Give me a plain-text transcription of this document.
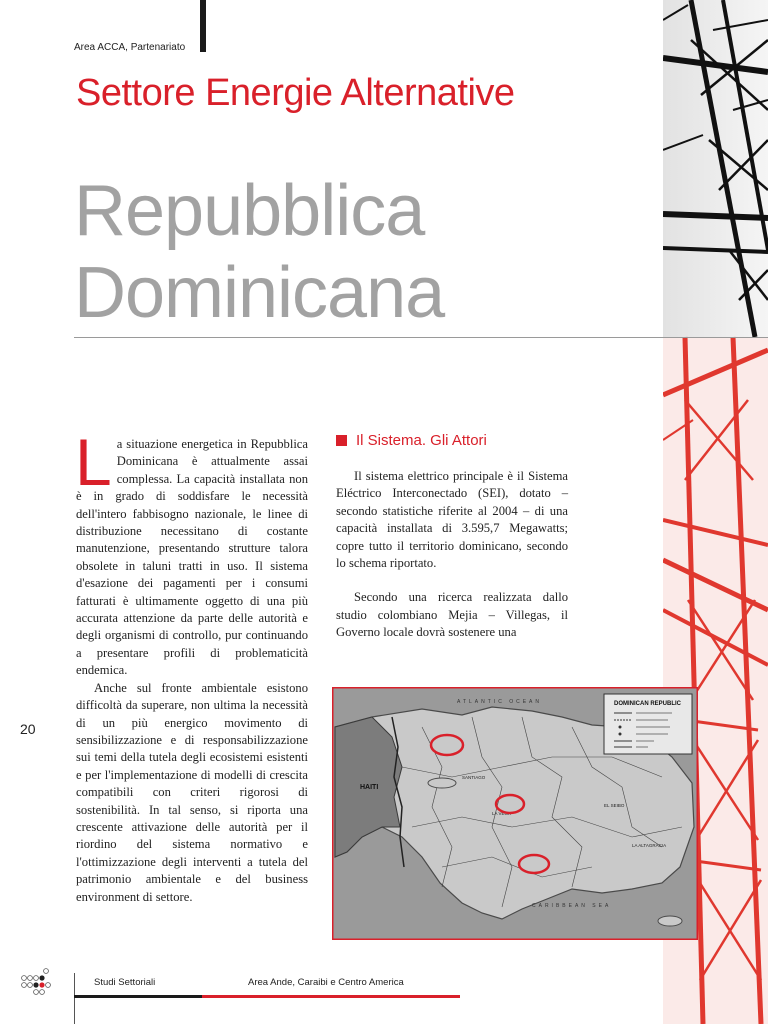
Area ACCA, Partenariato
Settore Energie Alternative
Repubblica
Dominicana
20

La situazione energetica in Repubblica Dominicana è attualmente assai complessa. La capacità installata non è in grado di soddisfare le necessità dell'intero fabbisogno nazionale, le linee di distribuzione necessitano di costante manutenzione, presentando strutture talora obsolete in taluni tratti in uso. Il sistema d'esazione dei pagamenti per i consumi fatturati è ultimamente oggetto di una più accurata attenzione da parte delle autorità e degli organismi di controllo, pur continuando a presentare profili di problematicità endemica.

Anche sul fronte ambientale esistono difficoltà da superare, non ultima la necessità di un più energico movimento di sensibilizzazione e di responsabilizzazione sui temi della tutela degli ecosistemi esistenti e per l'implementazione di modelli di crescita compatibili con criteri rigorosi di sostenibilità. In tal senso, si riporta una crescente attivazione delle autorità per il riordino del sistema normativo e l'ottimizzazione degli interventi a tutela del patrimonio ambientale e del business environment di settore.

Il Sistema. Gli Attori

Il sistema elettrico principale è il Sistema Eléctrico Interconectado (SEI), dotato – secondo statistiche riferite al 2004 – di una capacità installata di 3.595,7 Megawatts; copre tutto il territorio dominicano, secondo lo schema riportato.

Secondo una ricerca realizzata dallo studio colombiano Mejia – Villegas, il Governo locale dovrà sostenere una

DOMINICAN REPUBLIC
ATLANTIC OCEAN
CARIBBEAN SEA
HAITI
SANTIAGO
LA VEGA
EL SEIBO
LA ALTAGRACIA
Studi Settoriali	Area Ande, Caraibi e Centro America
